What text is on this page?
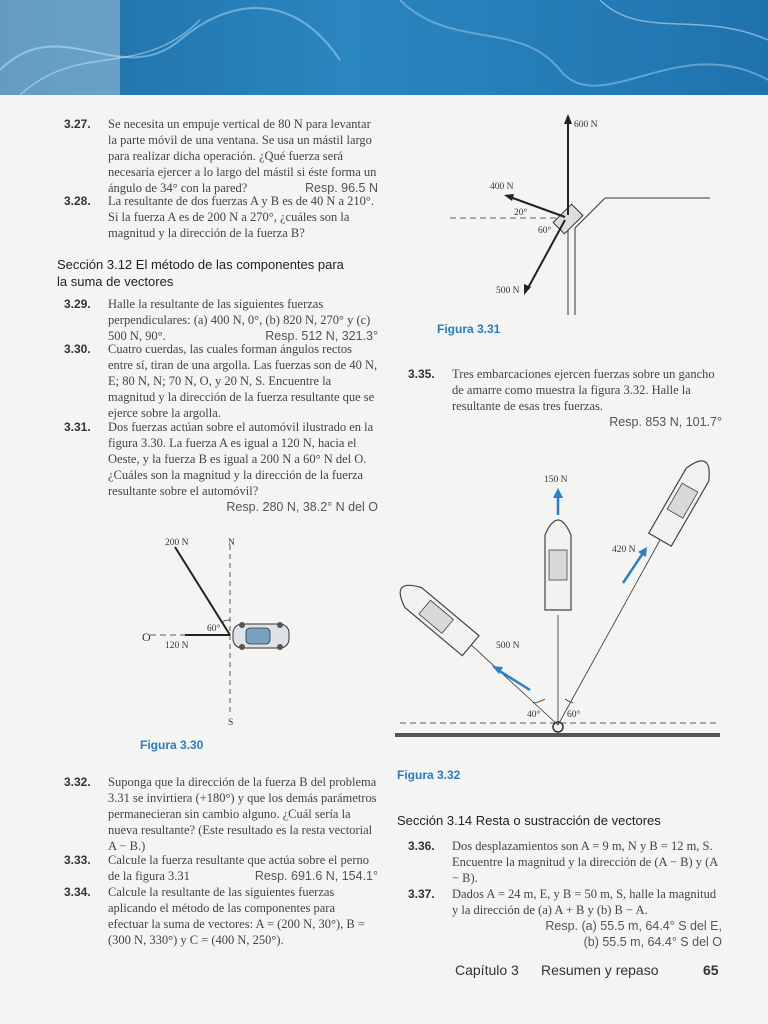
3.27. Se necesita un empuje vertical de 80 N para levantar la parte móvil de una ventana. Se usa un mástil largo para realizar dicha operación. ¿Qué fuerza será necesaria ejercer a lo largo del mástil si éste forma un ángulo de 34° con la pared?	Resp. 96.5 N
3.28. La resultante de dos fuerzas A y B es de 40 N a 210°. Si la fuerza A es de 200 N a 270°, ¿cuáles son la magnitud y la dirección de la fuerza B?
Sección 3.12 El método de las componentes para la suma de vectores
3.29. Halle la resultante de las siguientes fuerzas perpendiculares: (a) 400 N, 0°, (b) 820 N, 270° y (c) 500 N, 90°.	Resp. 512 N, 321.3°
3.30. Cuatro cuerdas, las cuales forman ángulos rectos entre sí, tiran de una argolla. Las fuerzas son de 40 N, E; 80 N, N; 70 N, O, y 20 N, S. Encuentre la magnitud y la dirección de la fuerza resultante que se ejerce sobre la argolla.
3.31. Dos fuerzas actúan sobre el automóvil ilustrado en la figura 3.30. La fuerza A es igual a 120 N, hacia el Oeste, y la fuerza B es igual a 200 N a 60° N del O. ¿Cuáles son la magnitud y la dirección de la fuerza resultante sobre el automóvil?
Resp. 280 N, 38.2° N del O
200 N	N
O
120 N
60°
S
Figura 3.30
3.32. Suponga que la dirección de la fuerza B del problema 3.31 se invirtiera (+180°) y que los demás parámetros permanecieran sin cambio alguno. ¿Cuál sería la nueva resultante? (Este resultado es la resta vectorial A − B.)
3.33. Calcule la fuerza resultante que actúa sobre el perno de la figura 3.31	Resp. 691.6 N, 154.1°
3.34. Calcule la resultante de las siguientes fuerzas aplicando el método de las componentes para efectuar la suma de vectores: A = (200 N, 30°), B = (300 N, 330°) y C = (400 N, 250°).
600 N
400 N
20°
60°
500 N
Figura 3.31
3.35. Tres embarcaciones ejercen fuerzas sobre un gancho de amarre como muestra la figura 3.32. Halle la resultante de esas tres fuerzas.
Resp. 853 N, 101.7°
150 N
420 N
500 N
40°	60°
Figura 3.32
Sección 3.14 Resta o sustracción de vectores
3.36. Dos desplazamientos son A = 9 m, N y B = 12 m, S. Encuentre la magnitud y la dirección de (A − B) y (A − B).
3.37. Dados A = 24 m, E, y B = 50 m, S, halle la magnitud y la dirección de (a) A + B y (b) B − A.
Resp. (a) 55.5 m, 64.4° S del E,
(b) 55.5 m, 64.4° S del O
Capítulo 3 Resumen y repaso	65
